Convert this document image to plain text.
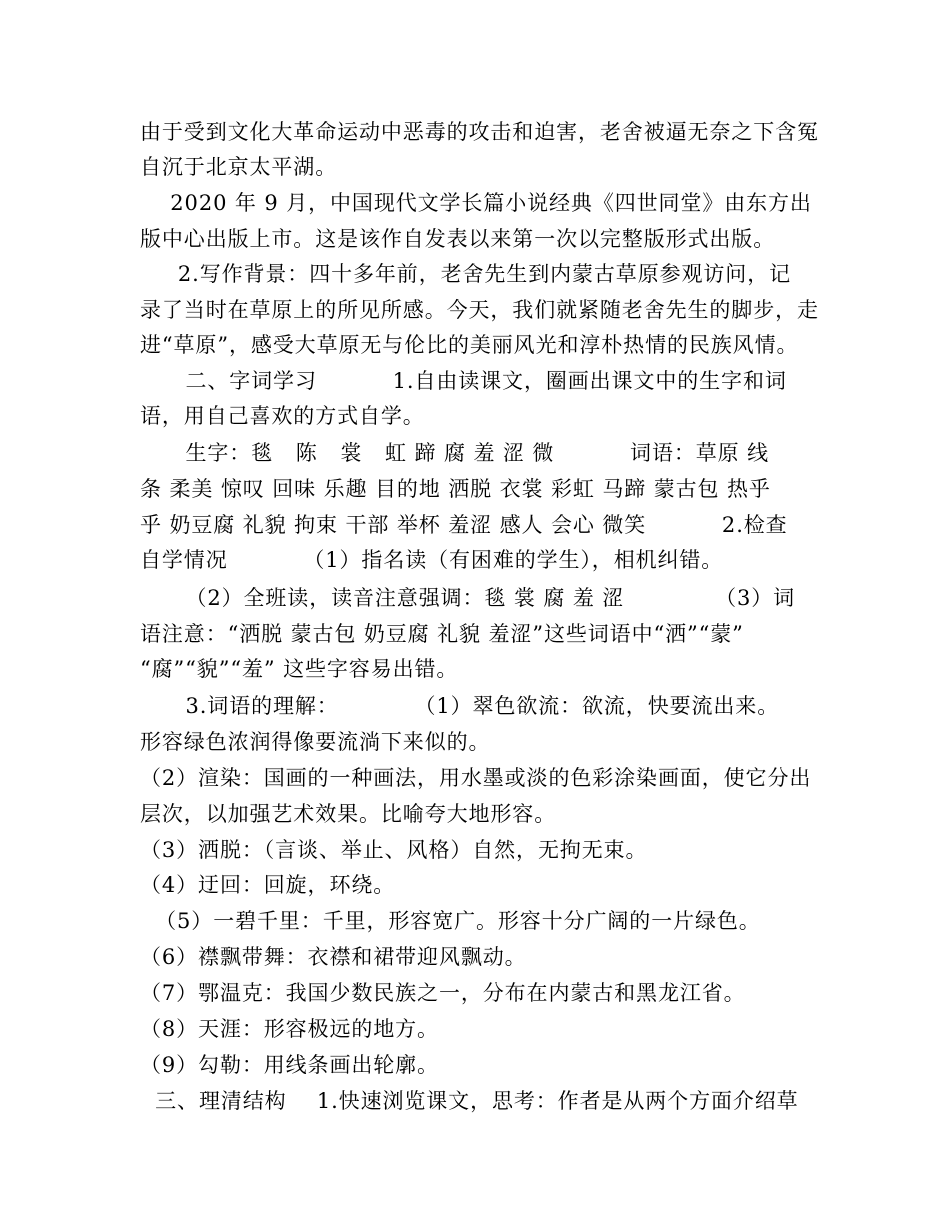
由于受到文化大革命运动中恶毒的攻击和迫害，老舍被逼无奈之下含冤
自沉于北京太平湖。
2020 年 9 月，中国现代文学长篇小说经典《四世同堂》由东方出
版中心出版上市。这是该作自发表以来第一次以完整版形式出版。
2.写作背景：四十多年前，老舍先生到内蒙古草原参观访问，记
录了当时在草原上的所见所感。今天，我们就紧随老舍先生的脚步，走
进“草原”，感受大草原无与伦比的美丽风光和淳朴热情的民族风情。
二、字词学习          1.自由读课文，圈画出课文中的生字和词
语，用自己喜欢的方式自学。
生字：毯   陈   裳   虹 蹄 腐 羞 涩 微          词语：草原 线
条 柔美 惊叹 回味 乐趣 目的地 洒脱 衣裳 彩虹 马蹄 蒙古包 热乎
乎 奶豆腐 礼貌 拘束 干部 举杯 羞涩 感人 会心 微笑          2.检查
自学情况          （1）指名读（有困难的学生），相机纠错。
（2）全班读，读音注意强调：毯 裳 腐 羞 涩            （3）词
语注意：“洒脱 蒙古包 奶豆腐 礼貌 羞涩”这些词语中“洒”“蒙”
“腐”“貌”“羞” 这些字容易出错。
3.词语的理解：          （1）翠色欲流：欲流，快要流出来。
形容绿色浓润得像要流淌下来似的。
（2）渲染：国画的一种画法，用水墨或淡的色彩涂染画面，使它分出
层次，以加强艺术效果。比喻夸大地形容。
（3）洒脱：（言谈、举止、风格）自然，无拘无束。
（4）迂回：回旋，环绕。
（5）一碧千里：千里，形容宽广。形容十分广阔的一片绿色。
（6）襟飘带舞：衣襟和裙带迎风飘动。
（7）鄂温克：我国少数民族之一，分布在内蒙古和黑龙江省。
（8）天涯：形容极远的地方。
（9）勾勒：用线条画出轮廓。
三、理清结构    1.快速浏览课文，思考：作者是从两个方面介绍草
